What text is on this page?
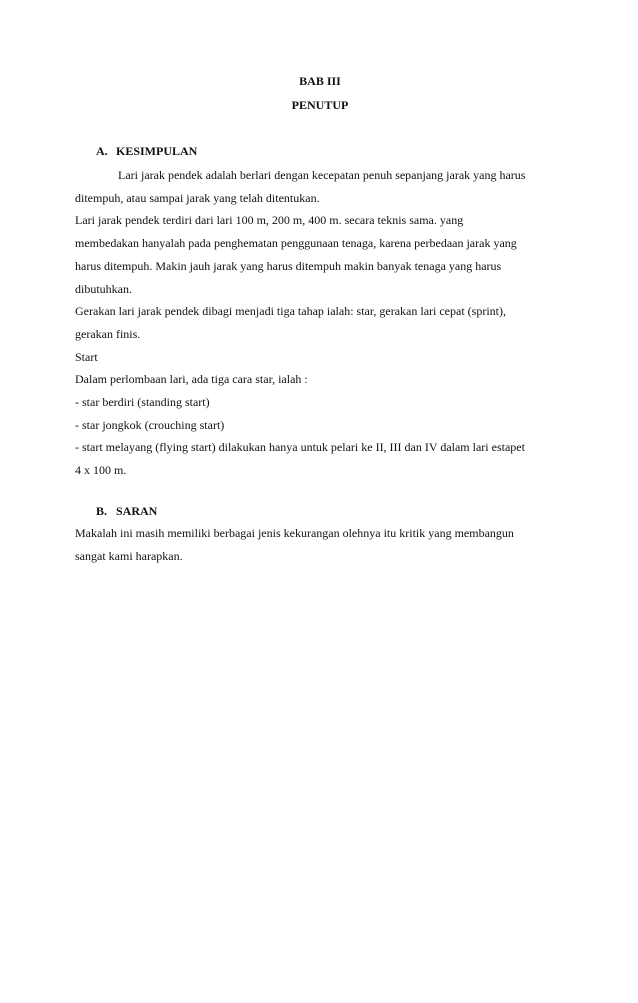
BAB III
PENUTUP
A. KESIMPULAN

Lari jarak pendek adalah berlari dengan kecepatan penuh sepanjang jarak yang harus

ditempuh, atau sampai jarak yang telah ditentukan.

Lari jarak pendek terdiri dari lari 100 m, 200 m, 400 m. secara teknis sama. yang

membedakan hanyalah pada penghematan penggunaan tenaga, karena perbedaan jarak yang

harus ditempuh. Makin jauh jarak yang harus ditempuh makin banyak tenaga yang harus

dibutuhkan.

Gerakan lari jarak pendek dibagi menjadi tiga tahap ialah: star, gerakan lari cepat (sprint),

gerakan finis.

Start

Dalam perlombaan lari, ada tiga cara star, ialah :

- star berdiri (standing start)

- star jongkok (crouching start)

- start melayang (flying start) dilakukan hanya untuk pelari ke II, III dan IV dalam lari estapet

4 x 100 m.

B. SARAN

Makalah ini masih memiliki berbagai jenis kekurangan olehnya itu kritik yang membangun

sangat kami harapkan.
